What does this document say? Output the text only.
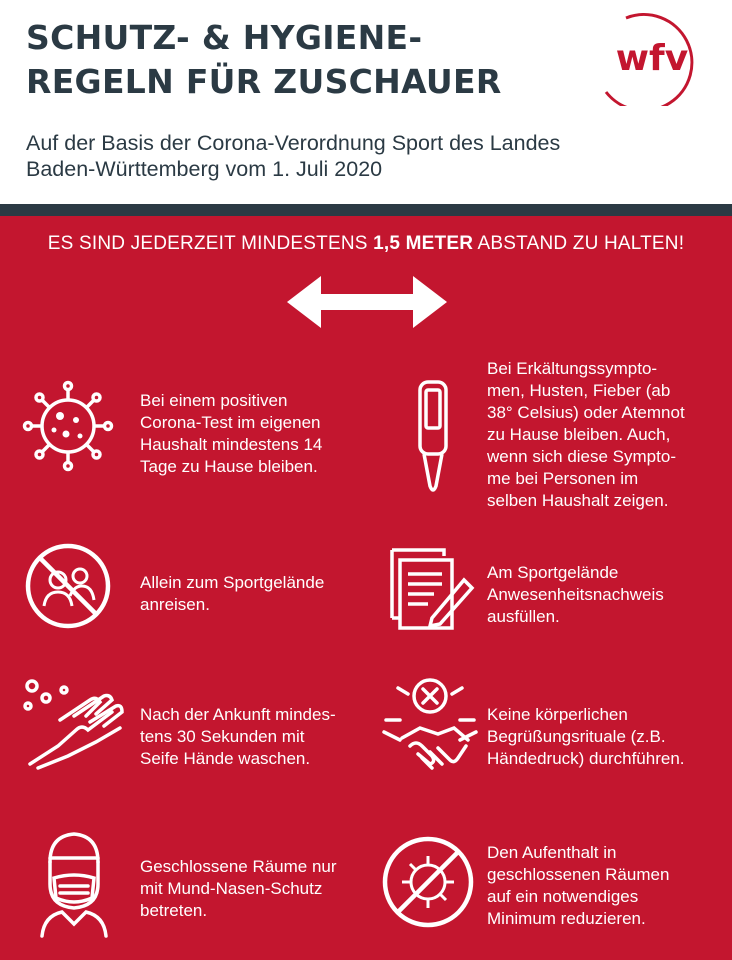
SCHUTZ- & HYGIENE-
REGELN FÜR ZUSCHAUER
Auf der Basis der Corona-Verordnung Sport des Landes
Baden-Württemberg vom 1. Juli 2020
wfv
ES SIND JEDERZEIT MINDESTENS 1,5 METER ABSTAND ZU HALTEN!
Bei einem positiven
Corona-Test im eigenen
Haushalt mindestens 14
Tage zu Hause bleiben.
Bei Erkältungssympto-
men, Husten, Fieber (ab
38° Celsius) oder Atemnot
zu Hause bleiben. Auch,
wenn sich diese Sympto-
me bei Personen im
selben Haushalt zeigen.
Allein zum Sportgelände
anreisen.
Am Sportgelände
Anwesenheitsnachweis
ausfüllen.
Nach der Ankunft mindes-
tens 30 Sekunden mit
Seife Hände waschen.
Keine körperlichen
Begrüßungsrituale (z.B.
Händedruck) durchführen.
Geschlossene Räume nur
mit Mund-Nasen-Schutz
betreten.
Den Aufenthalt in
geschlossenen Räumen
auf ein notwendiges
Minimum reduzieren.
